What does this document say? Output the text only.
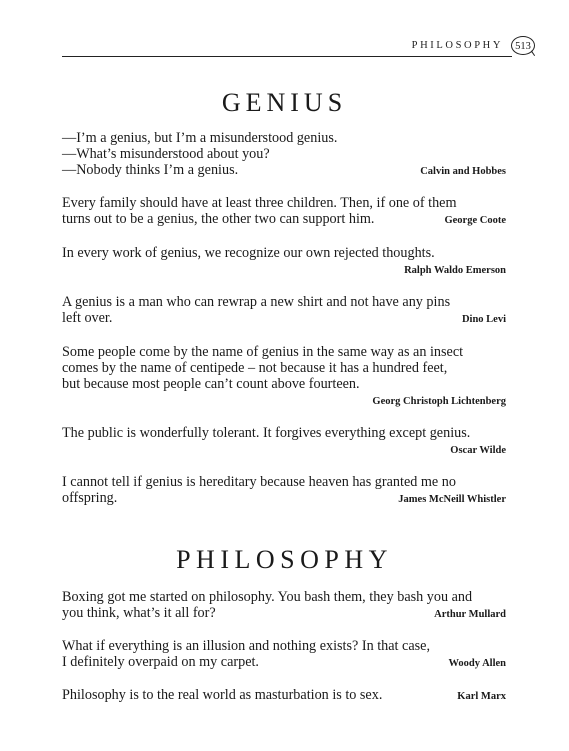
PHILOSOPHY	513
GENIUS
—I’m a genius, but I’m a misunderstood genius.
—What’s misunderstood about you?
—Nobody thinks I’m a genius.	Calvin and Hobbes
Every family should have at least three children. Then, if one of them
turns out to be a genius, the other two can support him.	George Coote
In every work of genius, we recognize our own rejected thoughts.
Ralph Waldo Emerson
A genius is a man who can rewrap a new shirt and not have any pins
left over.	Dino Levi
Some people come by the name of genius in the same way as an insect
comes by the name of centipede – not because it has a hundred feet,
but because most people can’t count above fourteen.
Georg Christoph Lichtenberg
The public is wonderfully tolerant. It forgives everything except genius.
Oscar Wilde
I cannot tell if genius is hereditary because heaven has granted me no
offspring.	James McNeill Whistler
PHILOSOPHY
Boxing got me started on philosophy. You bash them, they bash you and
you think, what’s it all for?	Arthur Mullard
What if everything is an illusion and nothing exists? In that case,
I definitely overpaid on my carpet.	Woody Allen
Philosophy is to the real world as masturbation is to sex.	Karl Marx
